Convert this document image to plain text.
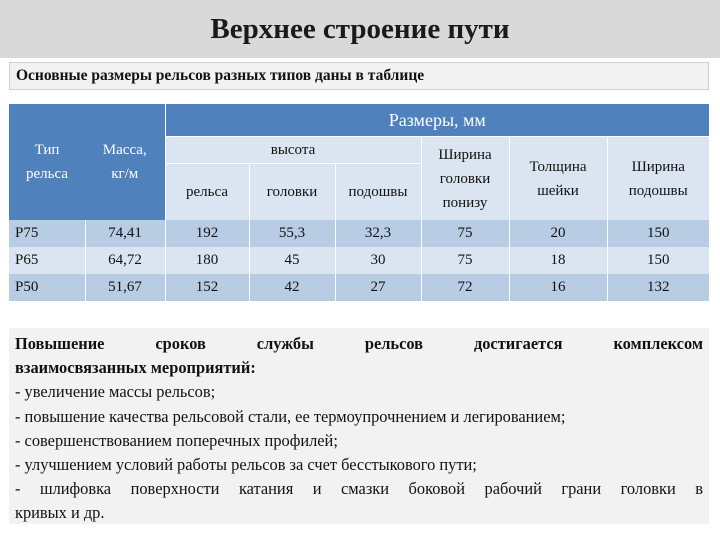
Верхнее строение пути
Основные размеры рельсов разных типов даны в таблице
Тип рельса	Масса, кг/м	Размеры, мм					
		высота			Ширина головки понизу	Толщина шейки	Ширина подошвы

		рельса	головки	подошвы			
Р75	74,41	192	55,3	32,3	75	20	150
Р65	64,72	180	45	30	75	18	150
Р50	51,67	152	42	27	72	16	132

Повышение сроков службы рельсов достигается комплексом

взаимосвязанных мероприятий:

- увеличение массы рельсов;

- повышение качества рельсовой стали, ее термоупрочнением и легированием;

- совершенствованием поперечных профилей;

- улучшением условий работы рельсов за счет бесстыкового пути;

- шлифовка поверхности катания и смазки боковой рабочий грани головки в

кривых и др.
